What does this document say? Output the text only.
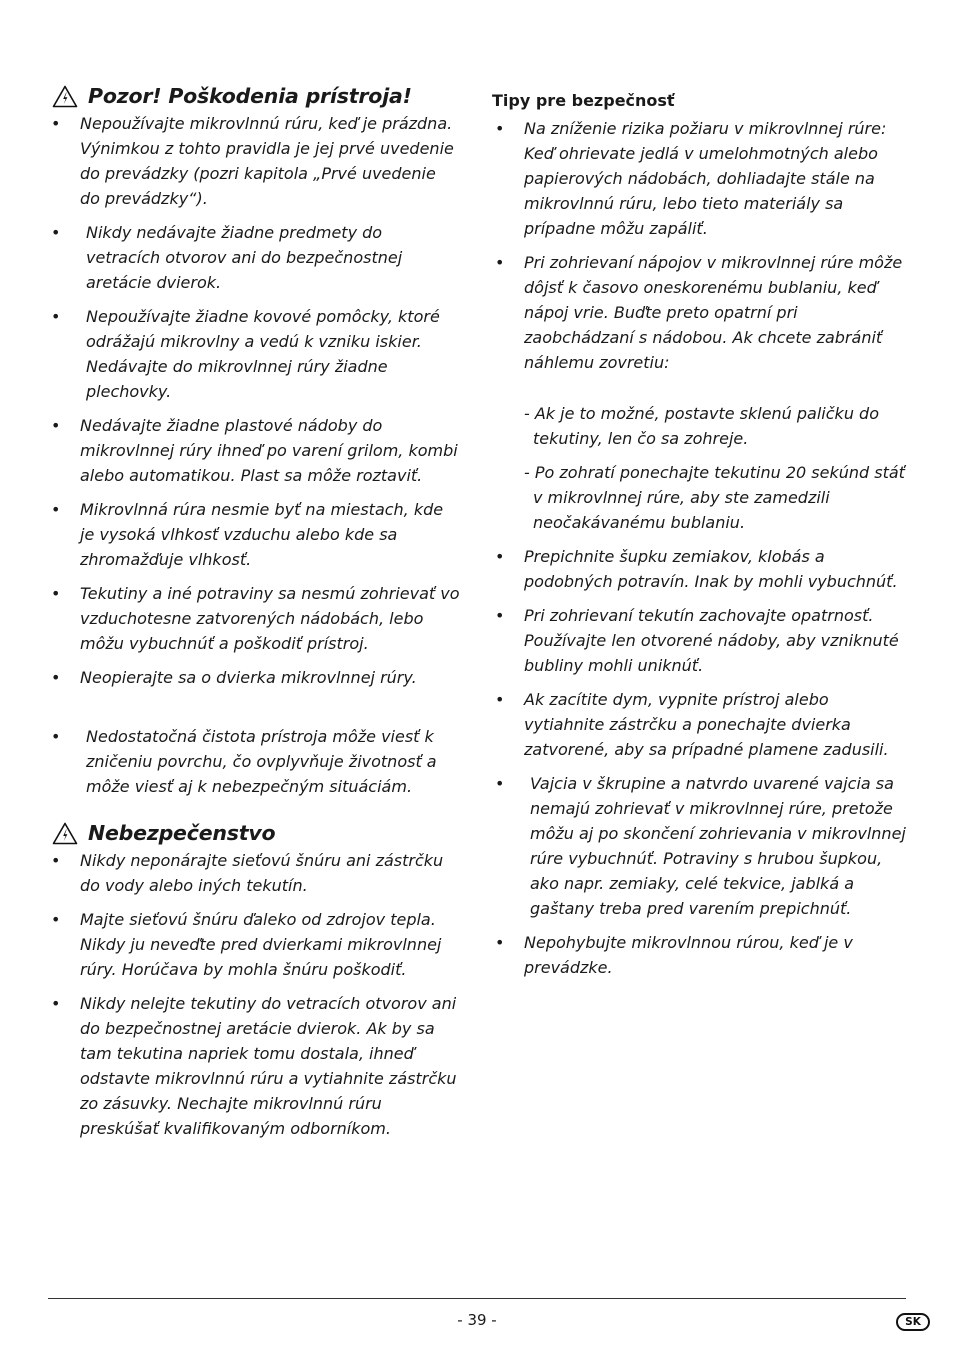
Pozor! Poškodenia prístroja!
• Nepoužívajte mikrovlnnú rúru, keď je prázdna. Výnimkou z tohto pravidla je jej prvé uvedenie do prevádzky (pozri kapitola „Prvé uvedenie do prevádzky“).
• Nikdy nedávajte žiadne predmety do vetracích otvorov ani do bezpečnostnej aretácie dvierok.
• Nepoužívajte žiadne kovové pomôcky, ktoré odrážajú mikrovlny a vedú k vzniku iskier. Nedávajte do mikrovlnnej rúry žiadne plechovky.
• Nedávajte žiadne plastové nádoby do mikrovlnnej rúry ihneď po varení grilom, kombi alebo automatikou. Plast sa môže roztaviť.
• Mikrovlnná rúra nesmie byť na miestach, kde je vysoká vlhkosť vzduchu alebo kde sa zhromažďuje vlhkosť.
• Tekutiny a iné potraviny sa nesmú zohrievať vo vzduchotesne zatvorených nádobách, lebo môžu vybuchnúť a poškodiť prístroj.
• Neopierajte sa o dvierka mikrovlnnej rúry.
• Nedostatočná čistota prístroja môže viesť k zničeniu povrchu, čo ovplyvňuje životnosť a môže viesť aj k nebezpečným situáciám.
Nebezpečenstvo
• Nikdy neponárajte sieťovú šnúru ani zástrčku do vody alebo iných tekutín.
• Majte sieťovú šnúru ďaleko od zdrojov tepla. Nikdy ju neveďte pred dvierkami mikrovlnnej rúry. Horúčava by mohla šnúru poškodiť.
• Nikdy nelejte tekutiny do vetracích otvorov ani do bezpečnostnej aretácie dvierok. Ak by sa tam tekutina napriek tomu dostala, ihneď odstavte mikrovlnnú rúru a vytiahnite zástrčku zo zásuvky. Nechajte mikrovlnnú rúru preskúšať kvalifikovaným odborníkom.
Tipy pre bezpečnosť
• Na zníženie rizika požiaru v mikrovlnnej rúre: Keď ohrievate jedlá v umelohmotných alebo papierových nádobách, dohliadajte stále na mikrovlnnú rúru, lebo tieto materiály sa prípadne môžu zapáliť.
• Pri zohrievaní nápojov v mikrovlnnej rúre môže dôjsť k časovo oneskorenému bublaniu, keď nápoj vrie. Buďte preto opatrní pri zaobchádzaní s nádobou. Ak chcete zabrániť náhlemu zovretiu:
- Ak je to možné, postavte sklenú paličku do tekutiny, len čo sa zohreje.
- Po zohratí ponechajte tekutinu 20 sekúnd stáť v mikrovlnnej rúre, aby ste zamedzili neočakávanému bublaniu.
• Prepichnite šupku zemiakov, klobás a podobných potravín. Inak by mohli vybuchnúť.
• Pri zohrievaní tekutín zachovajte opatrnosť. Používajte len otvorené nádoby, aby vzniknuté bubliny mohli uniknúť.
• Ak zacítite dym, vypnite prístroj alebo vytiahnite zástrčku a ponechajte dvierka zatvorené, aby sa prípadné plamene zadusili.
• Vajcia v škrupine a natvrdo uvarené vajcia sa nemajú zohrievať v mikrovlnnej rúre, pretože môžu aj po skončení zohrievania v mikrovlnnej rúre vybuchnúť. Potraviny s hrubou šupkou, ako napr. zemiaky, celé tekvice, jablká a gaštany treba pred varením prepichnúť.
• Nepohybujte mikrovlnnou rúrou, keď je v prevádzke.
- 39 -	SK
